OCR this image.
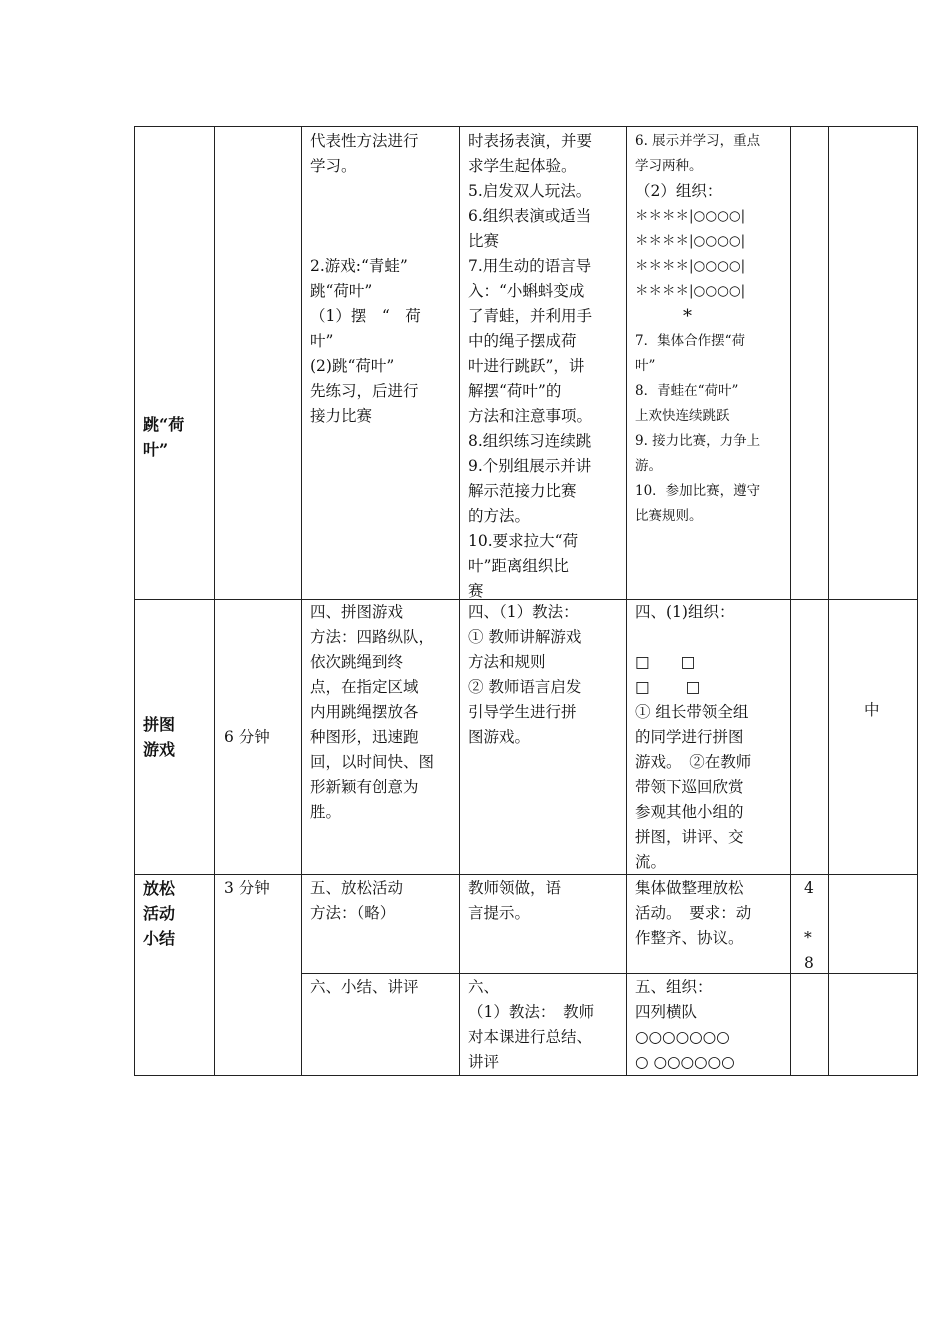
跳“荷
叶”
代表性方法进行
学习。
2.游戏:“青蛙”
跳“荷叶”
（1）摆　“　荷
叶”
(2)跳“荷叶”
先练习，后进行
接力比赛
时表扬表演，并要
求学生起体验。
5.启发双人玩法。
6.组织表演或适当
比赛
7.用生动的语言导
入：“小蝌蚪变成
了青蛙，并利用手
中的绳子摆成荷
叶进行跳跃”，讲
解摆“荷叶”的
方法和注意事项。
8.组织练习连续跳
9.个别组展示并讲
解示范接力比赛
的方法。
10.要求拉大“荷
叶”距离组织比
赛
6. 展示并学习，重点
学习两种。
（2）组织：
＊＊＊＊|○○○○|
＊＊＊＊|○○○○|
＊＊＊＊|○○○○|
＊＊＊＊|○○○○|
*
7．集体合作摆“荷
叶”
8．青蛙在“荷叶”
上欢快连续跳跃
9. 接力比赛，力争上
游。
10．参加比赛，遵守
比赛规则。
拼图
游戏
6 分钟
四、拼图游戏
方法：四路纵队，
依次跳绳到终
点，在指定区域
内用跳绳摆放各
种图形，迅速跑
回，以时间快、图
形新颖有创意为
胜。
四、（1）教法：
① 教师讲解游戏
方法和规则
② 教师语言启发
引导学生进行拼
图游戏。
四、(1)组织：
□　　□
□　　 □
① 组长带领全组
的同学进行拼图
游戏。　②在教师
带领下巡回欣赏
参观其他小组的
拼图，讲评、交
流。
中
放松
活动
小结
3 分钟	五、放松活动
方法：（略）
教师领做，语
言提示。
集体做整理放松
活动。　要求：动
作整齐、协议。
4
*
8
六、小结、讲评	六、
（1）教法：　教师
对本课进行总结、
讲评
五、组织：
四列横队
○○○○○○○
○ ○○○○○○
